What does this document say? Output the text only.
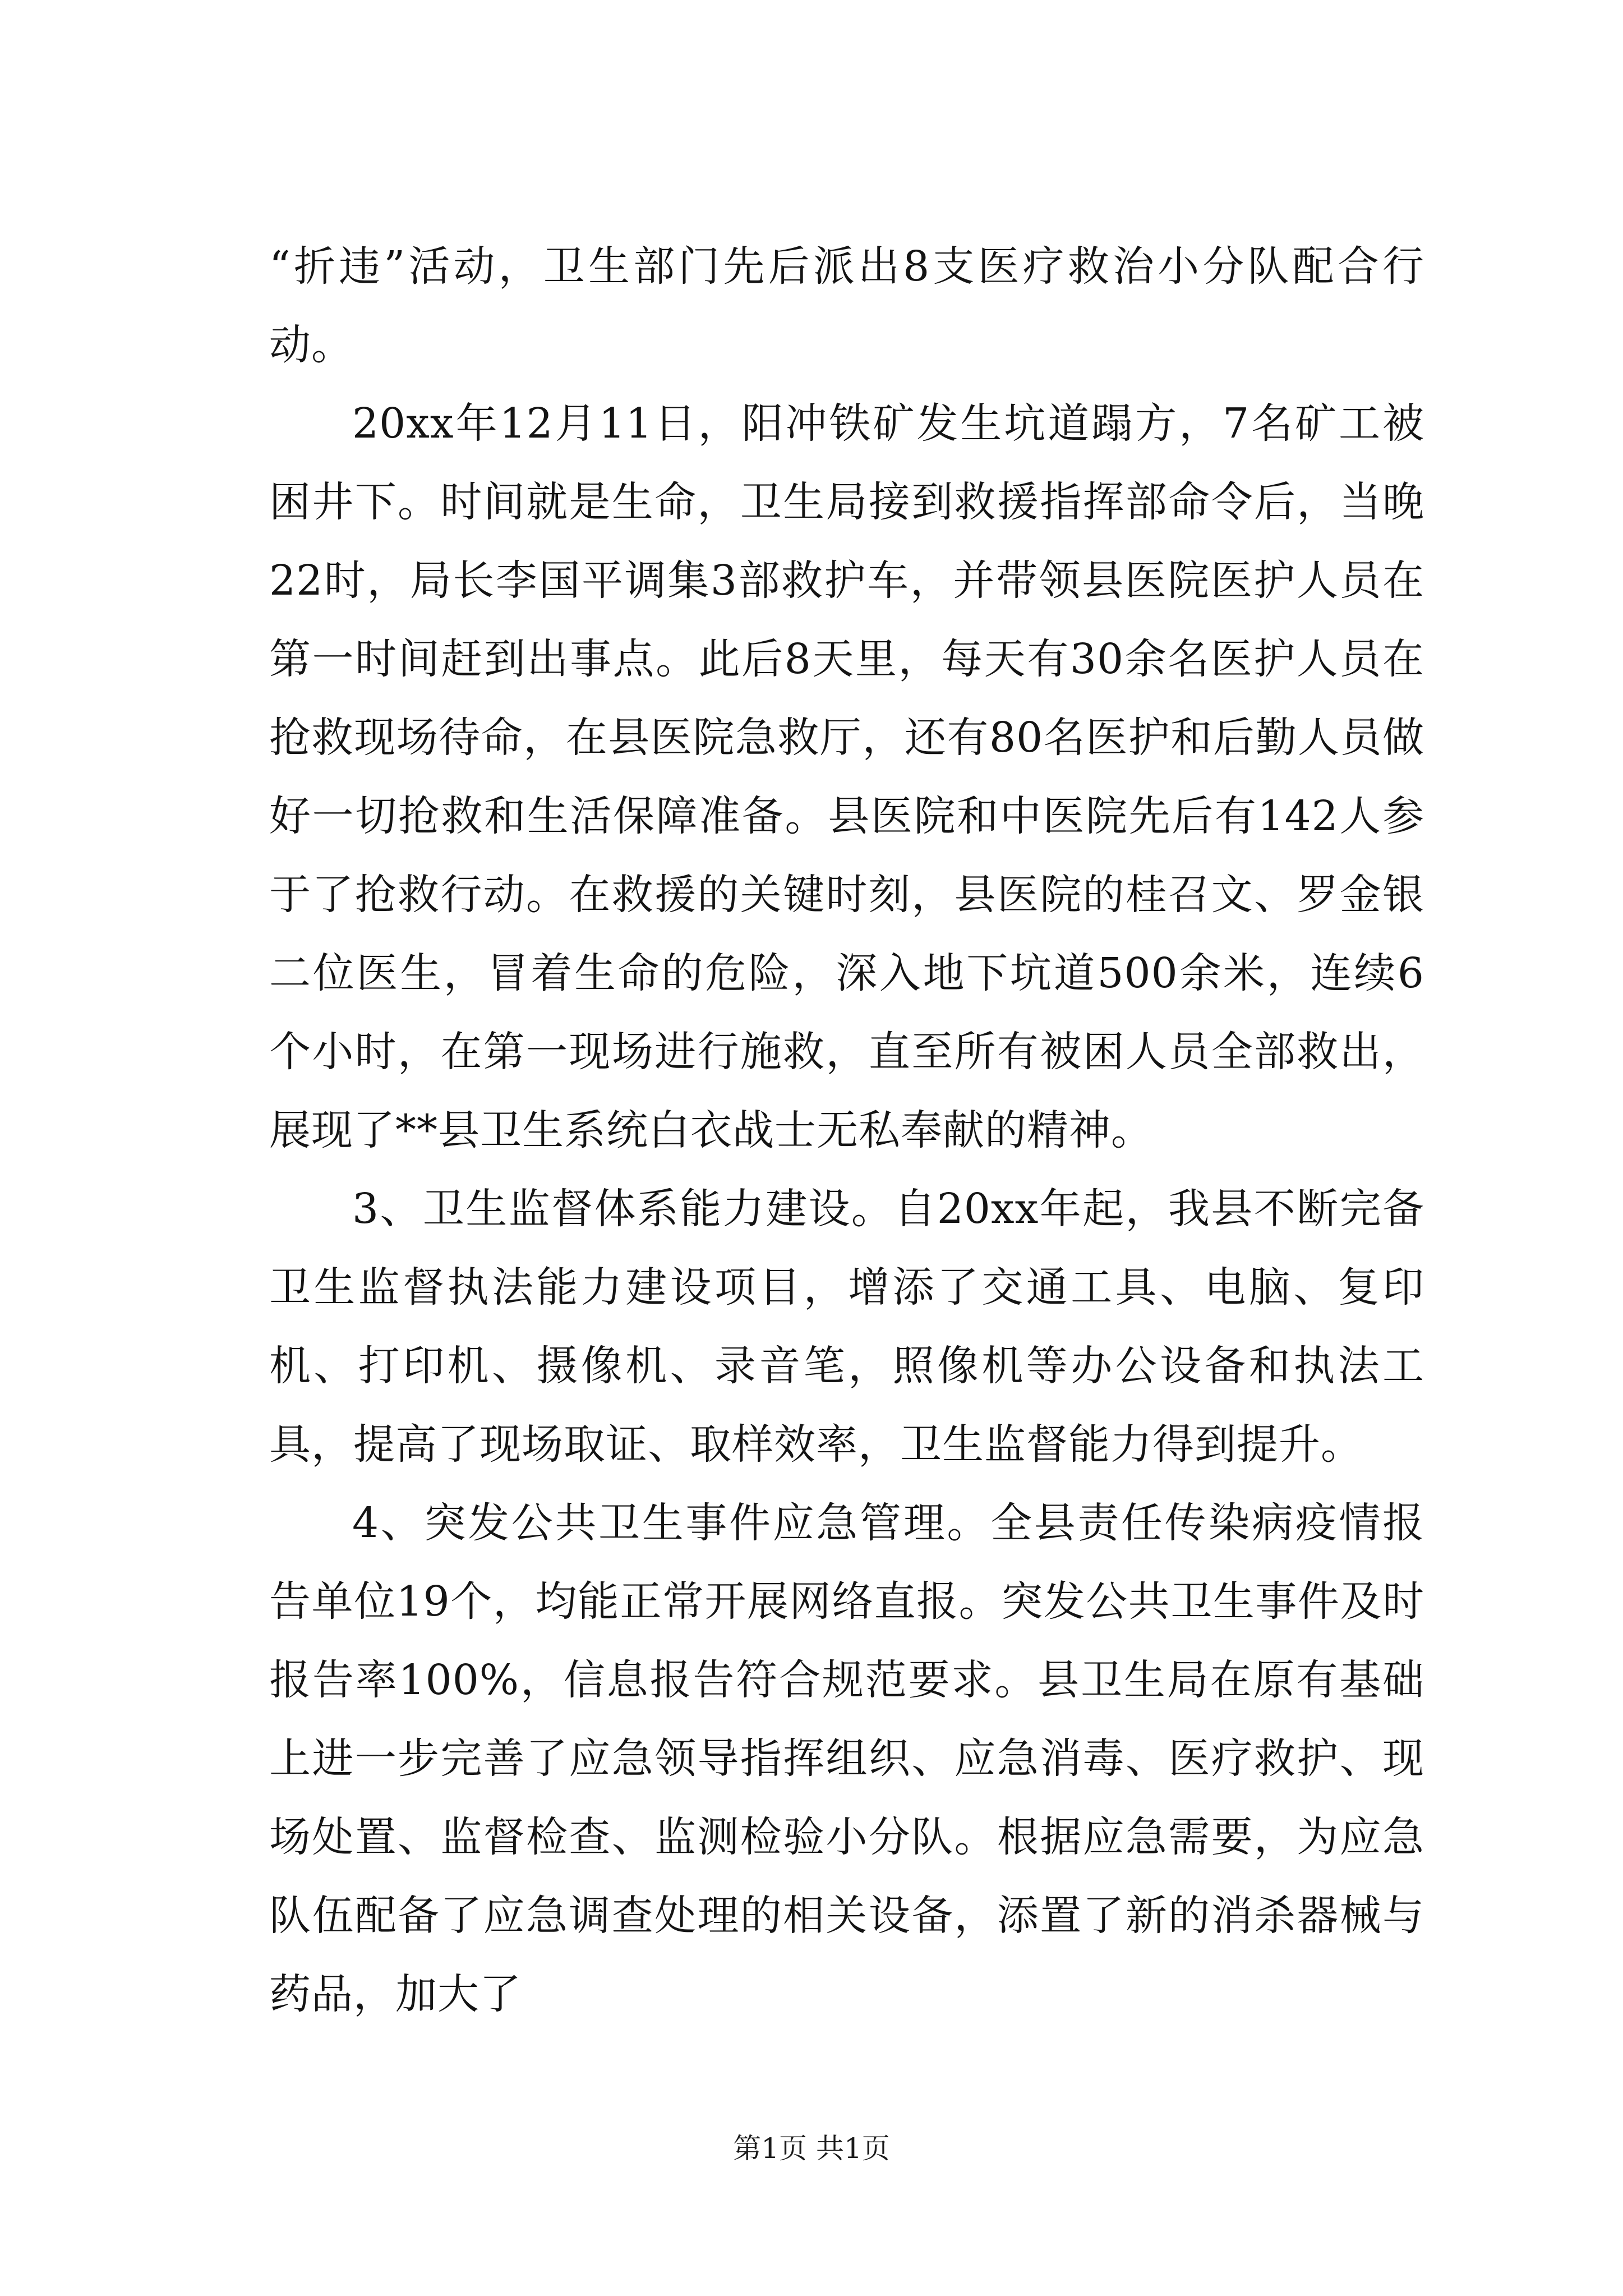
“折违”活动，卫生部门先后派出8支医疗救治小分队配合行动。

20xx年12月11日，阳冲铁矿发生坑道蹋方，7名矿工被困井下。时间就是生命，卫生局接到救援指挥部命令后，当晚22时，局长李国平调集3部救护车，并带领县医院医护人员在第一时间赶到出事点。此后8天里，每天有30余名医护人员在抢救现场待命，在县医院急救厅，还有80名医护和后勤人员做好一切抢救和生活保障准备。县医院和中医院先后有142人参于了抢救行动。在救援的关键时刻，县医院的桂召文、罗金银二位医生，冒着生命的危险，深入地下坑道500余米，连续6个小时，在第一现场进行施救，直至所有被困人员全部救出，展现了**县卫生系统白衣战士无私奉献的精神。

3、卫生监督体系能力建设。自20xx年起，我县不断完备卫生监督执法能力建设项目，增添了交通工具、电脑、复印机、打印机、摄像机、录音笔，照像机等办公设备和执法工具，提高了现场取证、取样效率，卫生监督能力得到提升。

4、突发公共卫生事件应急管理。全县责任传染病疫情报告单位19个，均能正常开展网络直报。突发公共卫生事件及时报告率100%，信息报告符合规范要求。县卫生局在原有基础上进一步完善了应急领导指挥组织、应急消毒、医疗救护、现场处置、监督检查、监测检验小分队。根据应急需要，为应急队伍配备了应急调查处理的相关设备，添置了新的消杀器械与药品，加大了

第1页 共1页
